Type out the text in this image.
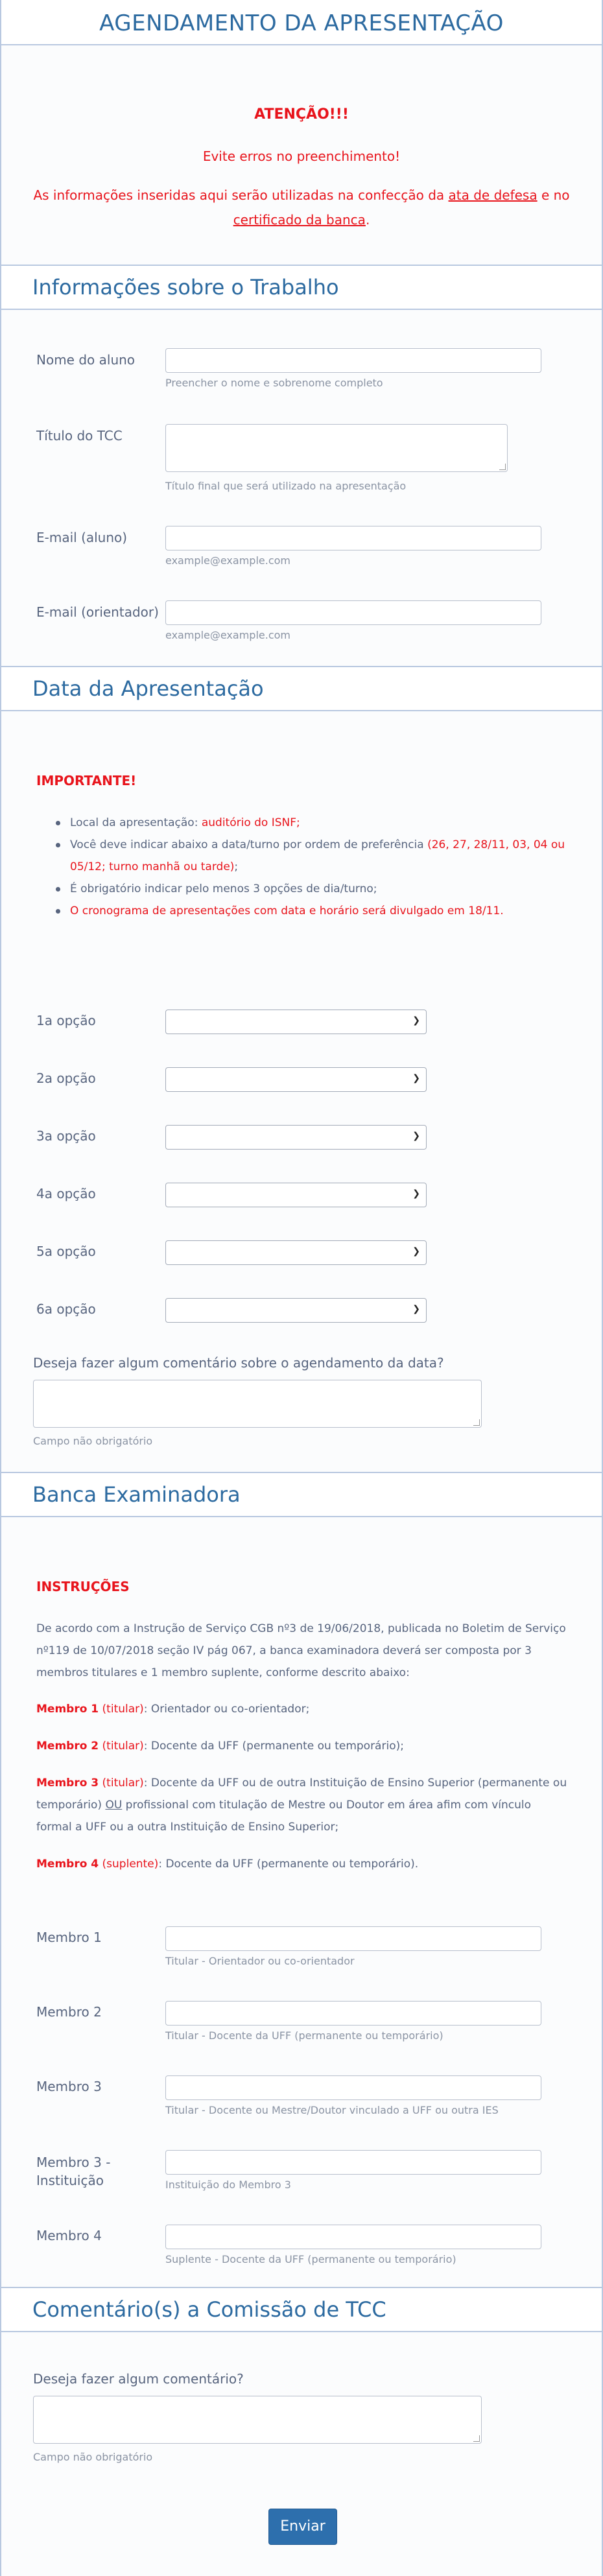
AGENDAMENTO DA APRESENTAÇÃO
ATENÇÃO!!!
Evite erros no preenchimento!
As informações inseridas aqui serão utilizadas na confecção da ata de defesa e no
certificado da banca.
Informações sobre o Trabalho
Nome do aluno
Preencher o nome e sobrenome completo
Título do TCC
Título final que será utilizado na apresentação
E-mail (aluno)
example@example.com
E-mail (orientador)
example@example.com
Data da Apresentação
IMPORTANTE!
Local da apresentação: auditório do ISNF;
Você deve indicar abaixo a data/turno por ordem de preferência (26, 27, 28/11, 03, 04 ou 05/12; turno manhã ou tarde);
É obrigatório indicar pelo menos 3 opções de dia/turno;
O cronograma de apresentações com data e horário será divulgado em 18/11.
1a opção	❯
2a opção	❯
3a opção	❯
4a opção	❯
5a opção	❯
6a opção	❯
Deseja fazer algum comentário sobre o agendamento da data?
Campo não obrigatório
Banca Examinadora
INSTRUÇÕES
De acordo com a Instrução de Serviço CGB nº3 de 19/06/2018, publicada no Boletim de Serviço nº119 de 10/07/2018 seção IV pág 067, a banca examinadora deverá ser composta por 3 membros titulares e 1 membro suplente, conforme descrito abaixo:
Membro 1 (titular): Orientador ou co-orientador;
Membro 2 (titular): Docente da UFF (permanente ou temporário);
Membro 3 (titular): Docente da UFF ou de outra Instituição de Ensino Superior (permanente ou temporário) OU profissional com titulação de Mestre ou Doutor em área afim com vínculo formal a UFF ou a outra Instituição de Ensino Superior;
Membro 4 (suplente): Docente da UFF (permanente ou temporário).
Membro 1
Titular - Orientador ou co-orientador
Membro 2
Titular - Docente da UFF (permanente ou temporário)
Membro 3
Titular - Docente ou Mestre/Doutor vinculado a UFF ou outra IES
Membro 3 - Instituição	Instituição do Membro 3
Membro 4
Suplente - Docente da UFF (permanente ou temporário)
Comentário(s) a Comissão de TCC
Deseja fazer algum comentário?
Campo não obrigatório
Enviar
